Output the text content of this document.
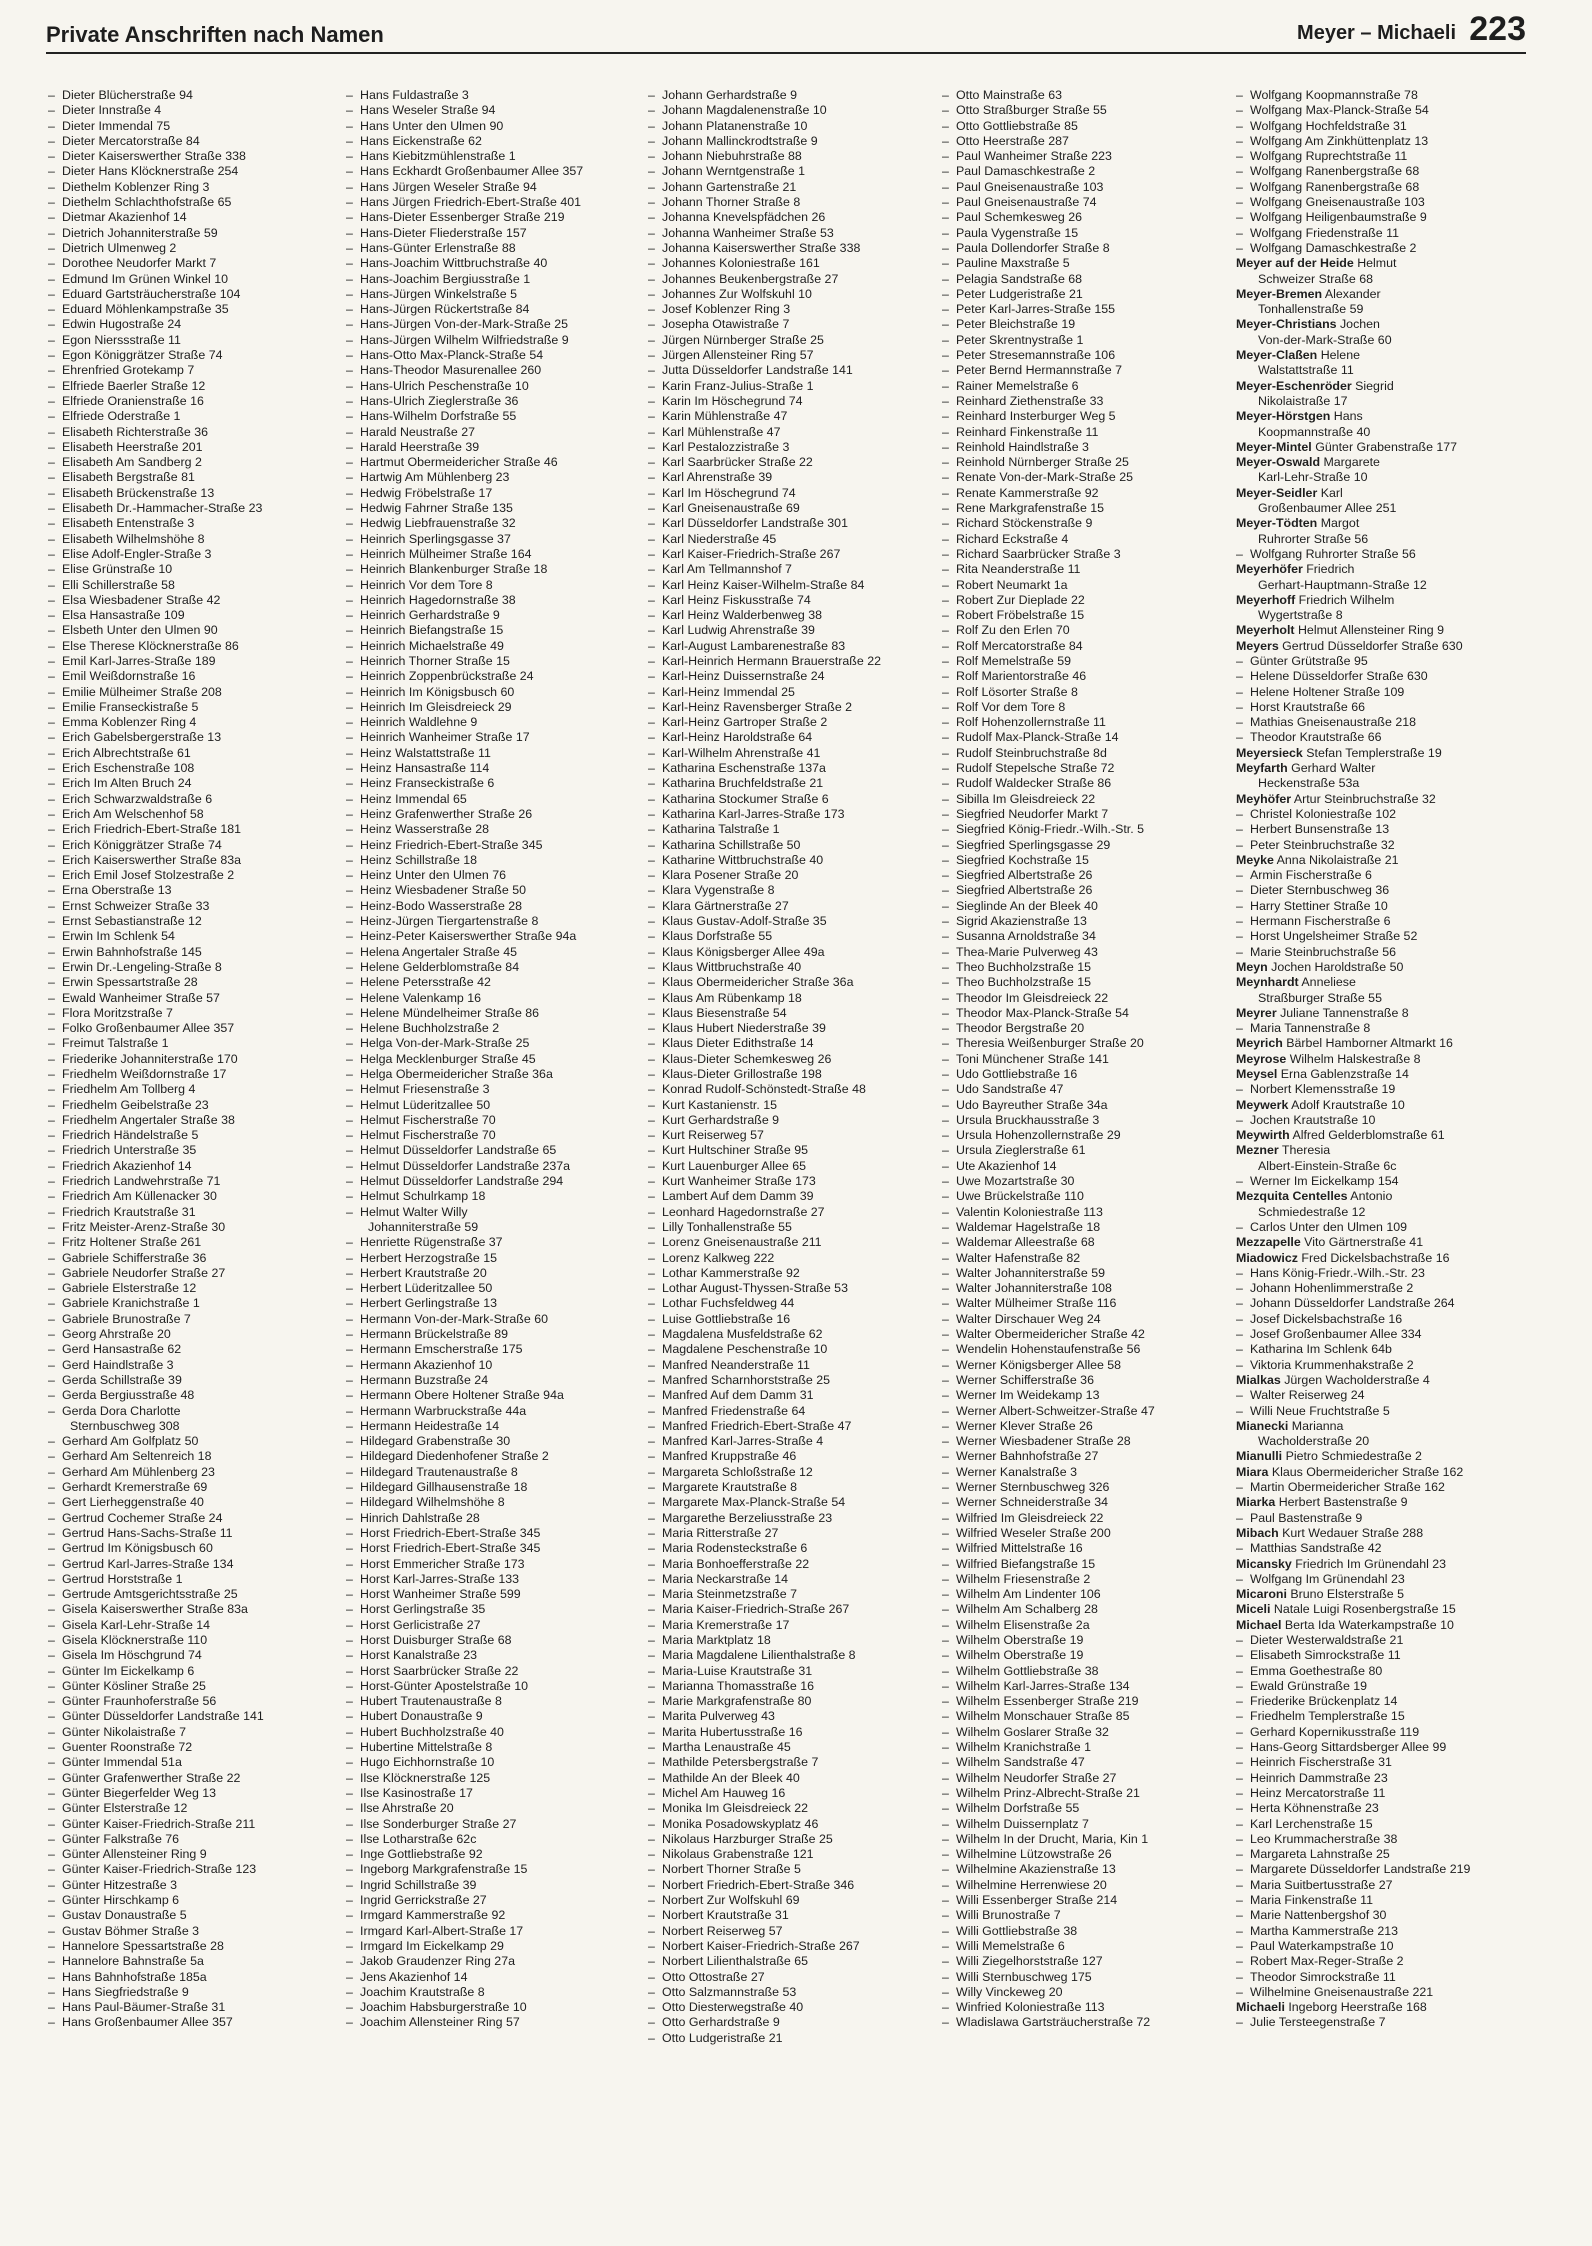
Private Anschriften nach Namen	Meyer – Michaeli 223
– Dieter Blücherstraße 94
– Dieter Innstraße 4
– Dieter Immendal 75
– Dieter Mercatorstraße 84
– Dieter Kaiserswerther Straße 338
– Dieter Hans Klöcknerstraße 254
– Diethelm Koblenzer Ring 3
– Diethelm Schlachthofstraße 65
– Dietmar Akazienhof 14
– Dietrich Johanniterstraße 59
– Dietrich Ulmenweg 2
– Dorothee Neudorfer Markt 7
– Edmund Im Grünen Winkel 10
– Eduard Gartsträucherstraße 104
– Eduard Möhlenkampstraße 35
– Edwin Hugostraße 24
– Egon Nierssstraße 11
– Egon Königgrätzer Straße 74
– Ehrenfried Grotekamp 7
– Elfriede Baerler Straße 12
– Elfriede Oranienstraße 16
– Elfriede Oderstraße 1
– Elisabeth Richterstraße 36
– Elisabeth Heerstraße 201
– Elisabeth Am Sandberg 2
– Elisabeth Bergstraße 81
– Elisabeth Brückenstraße 13
– Elisabeth Dr.-Hammacher-Straße 23
– Elisabeth Entenstraße 3
– Elisabeth Wilhelmshöhe 8
– Elise Adolf-Engler-Straße 3
– Elise Grünstraße 10
– Elli Schillerstraße 58
– Elsa Wiesbadener Straße 42
– Elsa Hansastraße 109
– Elsbeth Unter den Ulmen 90
– Else Therese Klöcknerstraße 86
– Emil Karl-Jarres-Straße 189
– Emil Weißdornstraße 16
– Emilie Mülheimer Straße 208
– Emilie Franseckistraße 5
– Emma Koblenzer Ring 4
– Erich Gabelsbergerstraße 13
– Erich Albrechtstraße 61
– Erich Eschenstraße 108
– Erich Im Alten Bruch 24
– Erich Schwarzwaldstraße 6
– Erich Am Welschenhof 58
– Erich Friedrich-Ebert-Straße 181
– Erich Königgrätzer Straße 74
– Erich Kaiserswerther Straße 83a
– Erich Emil Josef Stolzestraße 2
– Erna Oberstraße 13
– Ernst Schweizer Straße 33
– Ernst Sebastianstraße 12
– Erwin Im Schlenk 54
– Erwin Bahnhofstraße 145
– Erwin Dr.-Lengeling-Straße 8
– Erwin Spessartstraße 28
– Ewald Wanheimer Straße 57
– Flora Moritzstraße 7
– Folko Großenbaumer Allee 357
– Freimut Talstraße 1
– Friederike Johanniterstraße 170
– Friedhelm Weißdornstraße 17
– Friedhelm Am Tollberg 4
– Friedhelm Geibelstraße 23
– Friedhelm Angertaler Straße 38
– Friedrich Händelstraße 5
– Friedrich Unterstraße 35
– Friedrich Akazienhof 14
– Friedrich Landwehrstraße 71
– Friedrich Am Küllenacker 30
– Friedrich Krautstraße 31
– Fritz Meister-Arenz-Straße 30
– Fritz Holtener Straße 261
– Gabriele Schifferstraße 36
– Gabriele Neudorfer Straße 27
– Gabriele Elsterstraße 12
– Gabriele Kranichstraße 1
– Gabriele Brunostraße 7
– Georg Ahrstraße 20
– Gerd Hansastraße 62
– Gerd Haindlstraße 3
– Gerda Schillstraße 39
– Gerda Bergiusstraße 48
– Gerda Dora Charlotte
Sternbuschweg 308
– Gerhard Am Golfplatz 50
– Gerhard Am Seltenreich 18
– Gerhard Am Mühlenberg 23
– Gerhardt Kremerstraße 69
– Gert Lierheggenstraße 40
– Gertrud Cochemer Straße 24
– Gertrud Hans-Sachs-Straße 11
– Gertrud Im Königsbusch 60
– Gertrud Karl-Jarres-Straße 134
– Gertrud Horststraße 1
– Gertrude Amtsgerichtsstraße 25
– Gisela Kaiserswerther Straße 83a
– Gisela Karl-Lehr-Straße 14
– Gisela Klöcknerstraße 110
– Gisela Im Höschgrund 74
– Günter Im Eickelkamp 6
– Günter Kösliner Straße 25
– Günter Fraunhoferstraße 56
– Günter Düsseldorfer Landstraße 141
– Günter Nikolaistraße 7
– Guenter Roonstraße 72
– Günter Immendal 51a
– Günter Grafenwerther Straße 22
– Günter Biegerfelder Weg 13
– Günter Elsterstraße 12
– Günter Kaiser-Friedrich-Straße 211
– Günter Falkstraße 76
– Günter Allensteiner Ring 9
– Günter Kaiser-Friedrich-Straße 123
– Günter Hitzestraße 3
– Günter Hirschkamp 6
– Gustav Donaustraße 5
– Gustav Böhmer Straße 3
– Hannelore Spessartstraße 28
– Hannelore Bahnstraße 5a
– Hans Bahnhofstraße 185a
– Hans Siegfriedstraße 9
– Hans Paul-Bäumer-Straße 31
– Hans Großenbaumer Allee 357
– Hans Fuldastraße 3
– Hans Weseler Straße 94
– Hans Unter den Ulmen 90
– Hans Eickenstraße 62
– Hans Kiebitzmühlenstraße 1
– Hans Eckhardt Großenbaumer Allee 357
– Hans Jürgen Weseler Straße 94
– Hans Jürgen Friedrich-Ebert-Straße 401
– Hans-Dieter Essenberger Straße 219
– Hans-Dieter Fliederstraße 157
– Hans-Günter Erlenstraße 88
– Hans-Joachim Wittbruchstraße 40
– Hans-Joachim Bergiusstraße 1
– Hans-Jürgen Winkelstraße 5
– Hans-Jürgen Rückertstraße 84
– Hans-Jürgen Von-der-Mark-Straße 25
– Hans-Jürgen Wilhelm Wilfriedstraße 9
– Hans-Otto Max-Planck-Straße 54
– Hans-Theodor Masurenallee 260
– Hans-Ulrich Peschenstraße 10
– Hans-Ulrich Zieglerstraße 36
– Hans-Wilhelm Dorfstraße 55
– Harald Neustraße 27
– Harald Heerstraße 39
– Hartmut Obermeidericher Straße 46
– Hartwig Am Mühlenberg 23
– Hedwig Fröbelstraße 17
– Hedwig Fahrner Straße 135
– Hedwig Liebfrauenstraße 32
– Heinrich Sperlingsgasse 37
– Heinrich Mülheimer Straße 164
– Heinrich Blankenburger Straße 18
– Heinrich Vor dem Tore 8
– Heinrich Hagedornstraße 38
– Heinrich Gerhardstraße 9
– Heinrich Biefangstraße 15
– Heinrich Michaelstraße 49
– Heinrich Thorner Straße 15
– Heinrich Zoppenbrückstraße 24
– Heinrich Im Königsbusch 60
– Heinrich Im Gleisdreieck 29
– Heinrich Waldlehne 9
– Heinrich Wanheimer Straße 17
– Heinz Walstattstraße 11
– Heinz Hansastraße 114
– Heinz Franseckistraße 6
– Heinz Immendal 65
– Heinz Grafenwerther Straße 26
– Heinz Wasserstraße 28
– Heinz Friedrich-Ebert-Straße 345
– Heinz Schillstraße 18
– Heinz Unter den Ulmen 76
– Heinz Wiesbadener Straße 50
– Heinz-Bodo Wasserstraße 28
– Heinz-Jürgen Tiergartenstraße 8
– Heinz-Peter Kaiserswerther Straße 94a
– Helena Angertaler Straße 45
– Helene Gelderblomstraße 84
– Helene Petersstraße 42
– Helene Valenkamp 16
– Helene Mündelheimer Straße 86
– Helene Buchholzstraße 2
– Helga Von-der-Mark-Straße 25
– Helga Mecklenburger Straße 45
– Helga Obermeidericher Straße 36a
– Helmut Friesenstraße 3
– Helmut Lüderitzallee 50
– Helmut Fischerstraße 70
– Helmut Fischerstraße 70
– Helmut Düsseldorfer Landstraße 65
– Helmut Düsseldorfer Landstraße 237a
– Helmut Düsseldorfer Landstraße 294
– Helmut Schulrkamp 18
– Helmut Walter Willy
Johanniterstraße 59
– Henriette Rügenstraße 37
– Herbert Herzogstraße 15
– Herbert Krautstraße 20
– Herbert Lüderitzallee 50
– Herbert Gerlingstraße 13
– Hermann Von-der-Mark-Straße 60
– Hermann Brückelstraße 89
– Hermann Emscherstraße 175
– Hermann Akazienhof 10
– Hermann Buzstraße 24
– Hermann Obere Holtener Straße 94a
– Hermann Warbruckstraße 44a
– Hermann Heidestraße 14
– Hildegard Grabenstraße 30
– Hildegard Diedenhofener Straße 2
– Hildegard Trautenaustraße 8
– Hildegard Gillhausenstraße 18
– Hildegard Wilhelmshöhe 8
– Hinrich Dahlstraße 28
– Horst Friedrich-Ebert-Straße 345
– Horst Friedrich-Ebert-Straße 345
– Horst Emmericher Straße 173
– Horst Karl-Jarres-Straße 133
– Horst Wanheimer Straße 599
– Horst Gerlingstraße 35
– Horst Gerlicistraße 27
– Horst Duisburger Straße 68
– Horst Kanalstraße 23
– Horst Saarbrücker Straße 22
– Horst-Günter Apostelstraße 10
– Hubert Trautenaustraße 8
– Hubert Donaustraße 9
– Hubert Buchholzstraße 40
– Hubertine Mittelstraße 8
– Hugo Eichhornstraße 10
– Ilse Klöcknerstraße 125
– Ilse Kasinostraße 17
– Ilse Ahrstraße 20
– Ilse Sonderburger Straße 27
– Ilse Lotharstraße 62c
– Inge Gottliebstraße 92
– Ingeborg Markgrafenstraße 15
– Ingrid Schillstraße 39
– Ingrid Gerrickstraße 27
– Irmgard Kammerstraße 92
– Irmgard Karl-Albert-Straße 17
– Irmgard Im Eickelkamp 29
– Jakob Graudenzer Ring 27a
– Jens Akazienhof 14
– Joachim Krautstraße 8
– Joachim Habsburgerstraße 10
– Joachim Allensteiner Ring 57
– Johann Gerhardstraße 9
– Johann Magdalenenstraße 10
– Johann Platanenstraße 10
– Johann Mallinckrodtstraße 9
– Johann Niebuhrstraße 88
– Johann Werntgenstraße 1
– Johann Gartenstraße 21
– Johann Thorner Straße 8
– Johanna Knevelspfädchen 26
– Johanna Wanheimer Straße 53
– Johanna Kaiserswerther Straße 338
– Johannes Koloniestraße 161
– Johannes Beukenbergstraße 27
– Johannes Zur Wolfskuhl 10
– Josef Koblenzer Ring 3
– Josepha Otawistraße 7
– Jürgen Nürnberger Straße 25
– Jürgen Allensteiner Ring 57
– Jutta Düsseldorfer Landstraße 141
– Karin Franz-Julius-Straße 1
– Karin Im Höschegrund 74
– Karin Mühlenstraße 47
– Karl Mühlenstraße 47
– Karl Pestalozzistraße 3
– Karl Saarbrücker Straße 22
– Karl Ahrenstraße 39
– Karl Im Höschegrund 74
– Karl Gneisenaustraße 69
– Karl Düsseldorfer Landstraße 301
– Karl Niederstraße 45
– Karl Kaiser-Friedrich-Straße 267
– Karl Am Tellmannshof 7
– Karl Heinz Kaiser-Wilhelm-Straße 84
– Karl Heinz Fiskusstraße 74
– Karl Heinz Walderbenweg 38
– Karl Ludwig Ahrenstraße 39
– Karl-August Lambarenestraße 83
– Karl-Heinrich Hermann Brauerstraße 22
– Karl-Heinz Duissernstraße 24
– Karl-Heinz Immendal 25
– Karl-Heinz Ravensberger Straße 2
– Karl-Heinz Gartroper Straße 2
– Karl-Heinz Haroldstraße 64
– Karl-Wilhelm Ahrenstraße 41
– Katharina Eschenstraße 137a
– Katharina Bruchfeldstraße 21
– Katharina Stockumer Straße 6
– Katharina Karl-Jarres-Straße 173
– Katharina Talstraße 1
– Katharina Schillstraße 50
– Katharine Wittbruchstraße 40
– Klara Posener Straße 20
– Klara Vygenstraße 8
– Klara Gärtnerstraße 27
– Klaus Gustav-Adolf-Straße 35
– Klaus Dorfstraße 55
– Klaus Königsberger Allee 49a
– Klaus Wittbruchstraße 40
– Klaus Obermeidericher Straße 36a
– Klaus Am Rübenkamp 18
– Klaus Biesenstraße 54
– Klaus Hubert Niederstraße 39
– Klaus Dieter Edithstraße 14
– Klaus-Dieter Schemkesweg 26
– Klaus-Dieter Grillostraße 198
– Konrad Rudolf-Schönstedt-Straße 48
– Kurt Kastanienstr. 15
– Kurt Gerhardstraße 9
– Kurt Reiserweg 57
– Kurt Hultschiner Straße 95
– Kurt Lauenburger Allee 65
– Kurt Wanheimer Straße 173
– Lambert Auf dem Damm 39
– Leonhard Hagedornstraße 27
– Lilly Tonhallenstraße 55
– Lorenz Gneisenaustraße 211
– Lorenz Kalkweg 222
– Lothar Kammerstraße 92
– Lothar August-Thyssen-Straße 53
– Lothar Fuchsfeldweg 44
– Luise Gottliebstraße 16
– Magdalena Musfeldstraße 62
– Magdalene Peschenstraße 10
– Manfred Neanderstraße 11
– Manfred Scharnhorststraße 25
– Manfred Auf dem Damm 31
– Manfred Friedenstraße 64
– Manfred Friedrich-Ebert-Straße 47
– Manfred Karl-Jarres-Straße 4
– Manfred Kruppstraße 46
– Margareta Schloßstraße 12
– Margarete Krautstraße 8
– Margarete Max-Planck-Straße 54
– Margarethe Berzeliusstraße 23
– Maria Ritterstraße 27
– Maria Rodensteckstraße 6
– Maria Bonhoefferstraße 22
– Maria Neckarstraße 14
– Maria Steinmetzstraße 7
– Maria Kaiser-Friedrich-Straße 267
– Maria Kremerstraße 17
– Maria Marktplatz 18
– Maria Magdalene Lilienthalstraße 8
– Maria-Luise Krautstraße 31
– Marianna Thomasstraße 16
– Marie Markgrafenstraße 80
– Marita Pulverweg 43
– Marita Hubertusstraße 16
– Martha Lenaustraße 45
– Mathilde Petersbergstraße 7
– Mathilde An der Bleek 40
– Michel Am Hauweg 16
– Monika Im Gleisdreieck 22
– Monika Posadowskyplatz 46
– Nikolaus Harzburger Straße 25
– Nikolaus Grabenstraße 121
– Norbert Thorner Straße 5
– Norbert Friedrich-Ebert-Straße 346
– Norbert Zur Wolfskuhl 69
– Norbert Krautstraße 31
– Norbert Reiserweg 57
– Norbert Kaiser-Friedrich-Straße 267
– Norbert Lilienthalstraße 65
– Otto Ottostraße 27
– Otto Salzmannstraße 53
– Otto Diesterwegstraße 40
– Otto Gerhardstraße 9
– Otto Ludgeristraße 21
– Otto Mainstraße 63
– Otto Straßburger Straße 55
– Otto Gottliebstraße 85
– Otto Heerstraße 287
– Paul Wanheimer Straße 223
– Paul Damaschkestraße 2
– Paul Gneisenaustraße 103
– Paul Gneisenaustraße 74
– Paul Schemkesweg 26
– Paula Vygenstraße 15
– Paula Dollendorfer Straße 8
– Pauline Maxstraße 5
– Pelagia Sandstraße 68
– Peter Ludgeristraße 21
– Peter Karl-Jarres-Straße 155
– Peter Bleichstraße 19
– Peter Skrentnystraße 1
– Peter Stresemannstraße 106
– Peter Bernd Hermannstraße 7
– Rainer Memelstraße 6
– Reinhard Ziethenstraße 33
– Reinhard Insterburger Weg 5
– Reinhard Finkenstraße 11
– Reinhold Haindlstraße 3
– Reinhold Nürnberger Straße 25
– Renate Von-der-Mark-Straße 25
– Renate Kammerstraße 92
– Rene Markgrafenstraße 15
– Richard Stöckenstraße 9
– Richard Eckstraße 4
– Richard Saarbrücker Straße 3
– Rita Neanderstraße 11
– Robert Neumarkt 1a
– Robert Zur Dieplade 22
– Robert Fröbelstraße 15
– Rolf Zu den Erlen 70
– Rolf Mercatorstraße 84
– Rolf Memelstraße 59
– Rolf Marientorstraße 46
– Rolf Lösorter Straße 8
– Rolf Vor dem Tore 8
– Rolf Hohenzollernstraße 11
– Rudolf Max-Planck-Straße 14
– Rudolf Steinbruchstraße 8d
– Rudolf Stepelsche Straße 72
– Rudolf Waldecker Straße 86
– Sibilla Im Gleisdreieck 22
– Siegfried Neudorfer Markt 7
– Siegfried König-Friedr.-Wilh.-Str. 5
– Siegfried Sperlingsgasse 29
– Siegfried Kochstraße 15
– Siegfried Albertstraße 26
– Siegfried Albertstraße 26
– Sieglinde An der Bleek 40
– Sigrid Akazienstraße 13
– Susanna Arnoldstraße 34
– Thea-Marie Pulverweg 43
– Theo Buchholzstraße 15
– Theo Buchholzstraße 15
– Theodor Im Gleisdreieck 22
– Theodor Max-Planck-Straße 54
– Theodor Bergstraße 20
– Theresia Weißenburger Straße 20
– Toni Münchener Straße 141
– Udo Gottliebstraße 16
– Udo Sandstraße 47
– Udo Bayreuther Straße 34a
– Ursula Bruckhausstraße 3
– Ursula Hohenzollernstraße 29
– Ursula Zieglerstraße 61
– Ute Akazienhof 14
– Uwe Mozartstraße 30
– Uwe Brückelstraße 110
– Valentin Koloniestraße 113
– Waldemar Hagelstraße 18
– Waldemar Alleestraße 68
– Walter Hafenstraße 82
– Walter Johanniterstraße 59
– Walter Johanniterstraße 108
– Walter Mülheimer Straße 116
– Walter Dirschauer Weg 24
– Walter Obermeidericher Straße 42
– Wendelin Hohenstaufenstraße 56
– Werner Königsberger Allee 58
– Werner Schifferstraße 36
– Werner Im Weidekamp 13
– Werner Albert-Schweitzer-Straße 47
– Werner Klever Straße 26
– Werner Wiesbadener Straße 28
– Werner Bahnhofstraße 27
– Werner Kanalstraße 3
– Werner Sternbuschweg 326
– Werner Schneiderstraße 34
– Wilfried Im Gleisdreieck 22
– Wilfried Weseler Straße 200
– Wilfried Mittelstraße 16
– Wilfried Biefangstraße 15
– Wilhelm Friesenstraße 2
– Wilhelm Am Lindenter 106
– Wilhelm Am Schalberg 28
– Wilhelm Elisenstraße 2a
– Wilhelm Oberstraße 19
– Wilhelm Oberstraße 19
– Wilhelm Gottliebstraße 38
– Wilhelm Karl-Jarres-Straße 134
– Wilhelm Essenberger Straße 219
– Wilhelm Monschauer Straße 85
– Wilhelm Goslarer Straße 32
– Wilhelm Kranichstraße 1
– Wilhelm Sandstraße 47
– Wilhelm Neudorfer Straße 27
– Wilhelm Prinz-Albrecht-Straße 21
– Wilhelm Dorfstraße 55
– Wilhelm Duissernplatz 7
– Wilhelm In der Drucht, Maria, Kin 1
– Wilhelmine Lützowstraße 26
– Wilhelmine Akazienstraße 13
– Wilhelmine Herrenwiese 20
– Willi Essenberger Straße 214
– Willi Brunostraße 7
– Willi Gottliebstraße 38
– Willi Memelstraße 6
– Willi Ziegelhorststraße 127
– Willi Sternbuschweg 175
– Willy Vinckeweg 20
– Winfried Koloniestraße 113
– Wladislawa Gartsträucherstraße 72
– Wolfgang Koopmannstraße 78
– Wolfgang Max-Planck-Straße 54
– Wolfgang Hochfeldstraße 31
– Wolfgang Am Zinkhüttenplatz 13
– Wolfgang Ruprechtstraße 11
– Wolfgang Ranenbergstraße 68
– Wolfgang Ranenbergstraße 68
– Wolfgang Gneisenaustraße 103
– Wolfgang Heiligenbaumstraße 9
– Wolfgang Friedenstraße 11
– Wolfgang Damaschkestraße 2
Meyer auf der Heide Helmut
Schweizer Straße 68
Meyer-Bremen Alexander
Tonhallenstraße 59
Meyer-Christians Jochen
Von-der-Mark-Straße 60
Meyer-Claßen Helene
Walstattstraße 11
Meyer-Eschenröder Siegrid
Nikolaistraße 17
Meyer-Hörstgen Hans
Koopmannstraße 40
Meyer-Mintel Günter Grabenstraße 177
Meyer-Oswald Margarete
Karl-Lehr-Straße 10
Meyer-Seidler Karl
Großenbaumer Allee 251
Meyer-Tödten Margot
Ruhrorter Straße 56
– Wolfgang Ruhrorter Straße 56
Meyerhöfer Friedrich
Gerhart-Hauptmann-Straße 12
Meyerhoff Friedrich Wilhelm
Wygertstraße 8
Meyerholt Helmut Allensteiner Ring 9
Meyers Gertrud Düsseldorfer Straße 630
– Günter Grütstraße 95
– Helene Düsseldorfer Straße 630
– Helene Holtener Straße 109
– Horst Krautstraße 66
– Mathias Gneisenaustraße 218
– Theodor Krautstraße 66
Meyersieck Stefan Templerstraße 19
Meyfarth Gerhard Walter
Heckenstraße 53a
Meyhöfer Artur Steinbruchstraße 32
– Christel Koloniestraße 102
– Herbert Bunsenstraße 13
– Peter Steinbruchstraße 32
Meyke Anna Nikolaistraße 21
– Armin Fischerstraße 6
– Dieter Sternbuschweg 36
– Harry Stettiner Straße 10
– Hermann Fischerstraße 6
– Horst Ungelsheimer Straße 52
– Marie Steinbruchstraße 56
Meyn Jochen Haroldstraße 50
Meynhardt Anneliese
Straßburger Straße 55
Meyrer Juliane Tannenstraße 8
– Maria Tannenstraße 8
Meyrich Bärbel Hamborner Altmarkt 16
Meyrose Wilhelm Halskestraße 8
Meysel Erna Gablenzstraße 14
– Norbert Klemensstraße 19
Meywerk Adolf Krautstraße 10
– Jochen Krautstraße 10
Meywirth Alfred Gelderblomstraße 61
Mezner Theresia
Albert-Einstein-Straße 6c
– Werner Im Eickelkamp 154
Mezquita Centelles Antonio
Schmiedestraße 12
– Carlos Unter den Ulmen 109
Mezzapelle Vito Gärtnerstraße 41
Miadowicz Fred Dickelsbachstraße 16
– Hans König-Friedr.-Wilh.-Str. 23
– Johann Hohenlimmerstraße 2
– Johann Düsseldorfer Landstraße 264
– Josef Dickelsbachstraße 16
– Josef Großenbaumer Allee 334
– Katharina Im Schlenk 64b
– Viktoria Krummenhakstraße 2
Mialkas Jürgen Wacholderstraße 4
– Walter Reiserweg 24
– Willi Neue Fruchtstraße 5
Mianecki Marianna
Wacholderstraße 20
Mianulli Pietro Schmiedestraße 2
Miara Klaus Obermeidericher Straße 162
– Martin Obermeidericher Straße 162
Miarka Herbert Bastenstraße 9
– Paul Bastenstraße 9
Mibach Kurt Wedauer Straße 288
– Matthias Sandstraße 42
Micansky Friedrich Im Grünendahl 23
– Wolfgang Im Grünendahl 23
Micaroni Bruno Elsterstraße 5
Miceli Natale Luigi Rosenbergstraße 15
Michael Berta Ida Waterkampstraße 10
– Dieter Westerwaldstraße 21
– Elisabeth Simrockstraße 11
– Emma Goethestraße 80
– Ewald Grünstraße 19
– Friederike Brückenplatz 14
– Friedhelm Templerstraße 15
– Gerhard Kopernikusstraße 119
– Hans-Georg Sittardsberger Allee 99
– Heinrich Fischerstraße 31
– Heinrich Dammstraße 23
– Heinz Mercatorstraße 11
– Herta Köhnenstraße 23
– Karl Lerchenstraße 15
– Leo Krummacherstraße 38
– Margareta Lahnstraße 25
– Margarete Düsseldorfer Landstraße 219
– Maria Suitbertusstraße 27
– Maria Finkenstraße 11
– Marie Nattenbergshof 30
– Martha Kammerstraße 213
– Paul Waterkampstraße 10
– Robert Max-Reger-Straße 2
– Theodor Simrockstraße 11
– Wilhelmine Gneisenaustraße 221
Michaeli Ingeborg Heerstraße 168
– Julie Tersteegenstraße 7
